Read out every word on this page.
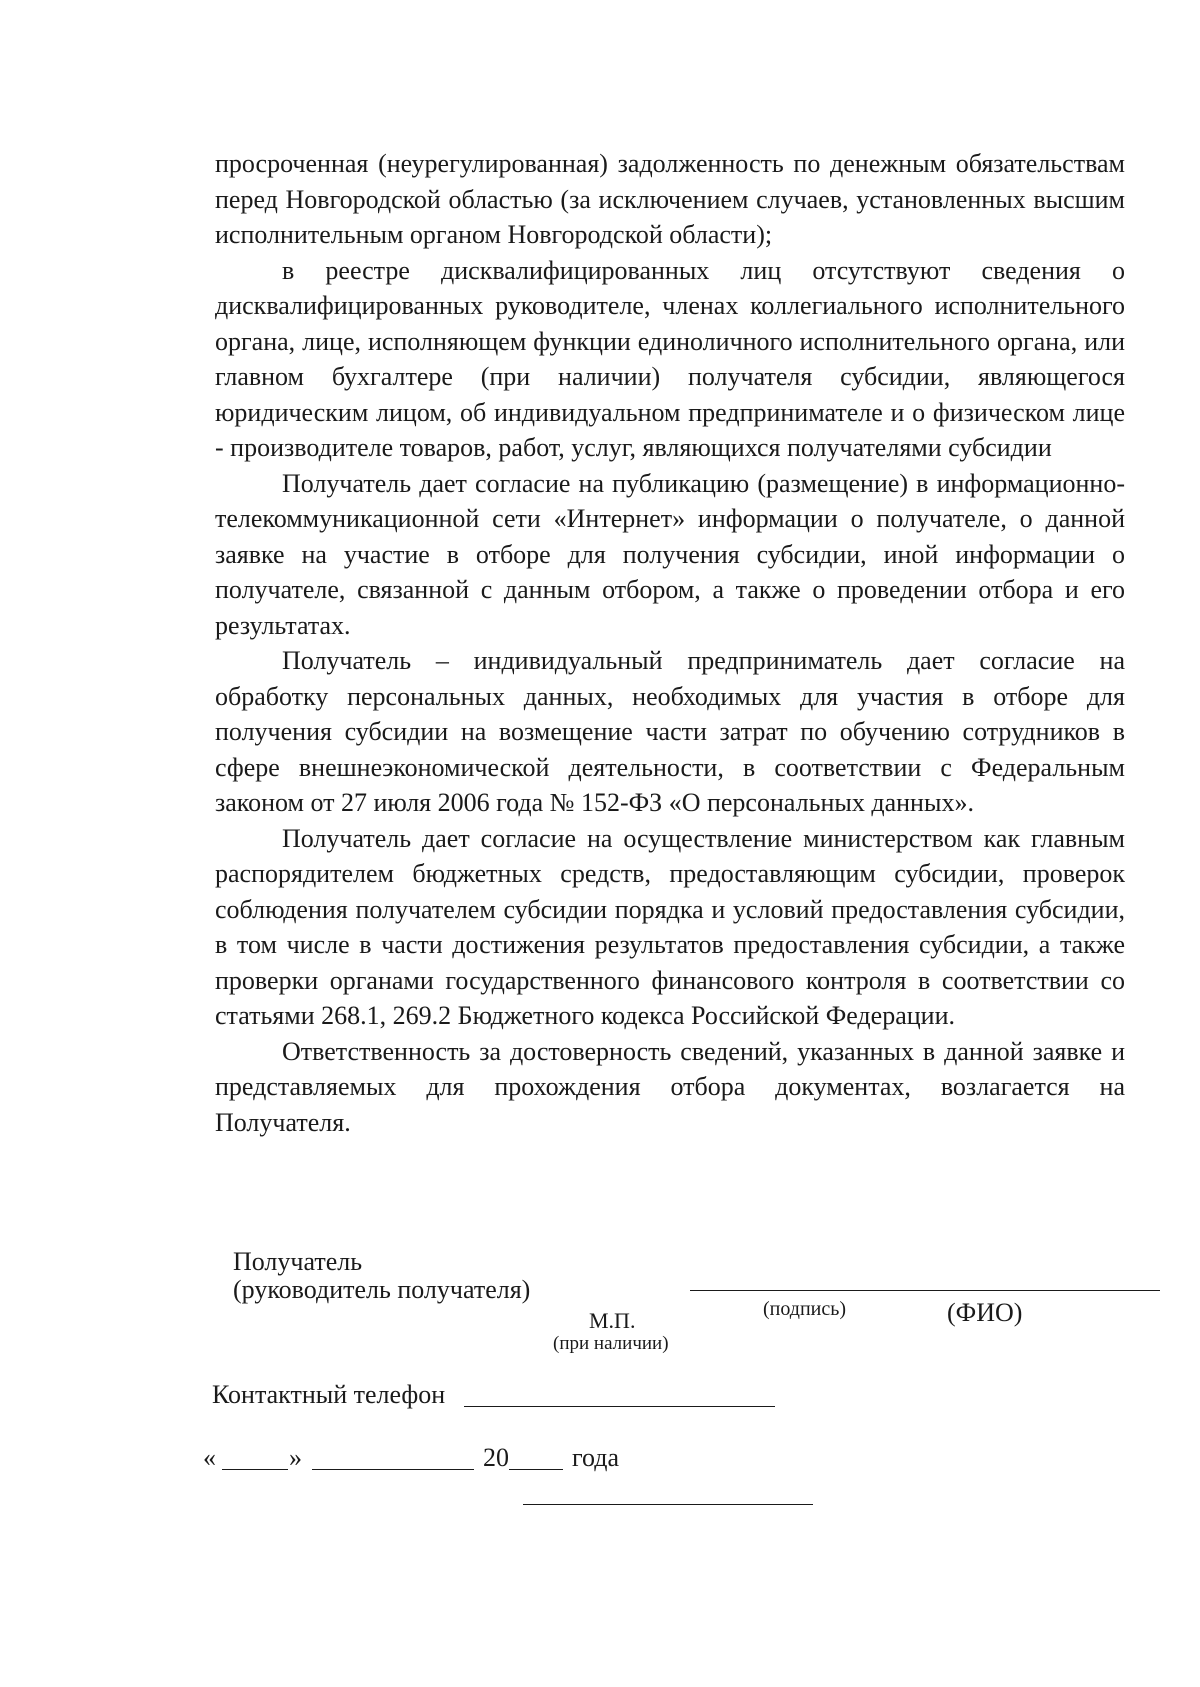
просроченная (неурегулированная) задолженность по денежным обязательствам перед Новгородской областью (за исключением случаев, установленных высшим исполнительным органом Новгородской области);

в реестре дисквалифицированных лиц отсутствуют сведения о дисквалифицированных руководителе, членах коллегиального исполнительного органа, лице, исполняющем функции единоличного исполнительного органа, или главном бухгалтере (при наличии) получателя субсидии, являющегося юридическим лицом, об индивидуальном предпринимателе и о физическом лице - производителе товаров, работ, услуг, являющихся получателями субсидии

Получатель дает согласие на публикацию (размещение) в информационно-телекоммуникационной сети «Интернет» информации о получателе, о данной заявке на участие в отборе для получения субсидии, иной информации о получателе, связанной с данным отбором, а также о проведении отбора и его результатах.

Получатель – индивидуальный предприниматель дает согласие на обработку персональных данных, необходимых для участия в отборе для получения субсидии на возмещение части затрат по обучению сотрудников в сфере внешнеэкономической деятельности, в соответствии с Федеральным законом от 27 июля 2006 года № 152-ФЗ «О персональных данных».

Получатель дает согласие на осуществление министерством как главным распорядителем бюджетных средств, предоставляющим субсидии, проверок соблюдения получателем субсидии порядка и условий предоставления субсидии, в том числе в части достижения результатов предоставления субсидии, а также проверки органами государственного финансового контроля в соответствии со статьями 268.1, 269.2 Бюджетного кодекса Российской Федерации.

Ответственность за достоверность сведений, указанных в данной заявке и представляемых для прохождения отбора документах, возлагается на Получателя.

Получатель
(руководитель получателя)
(подпись)	(ФИО)
М.П.
(при наличии)
Контактный телефон
«	»	20 года
